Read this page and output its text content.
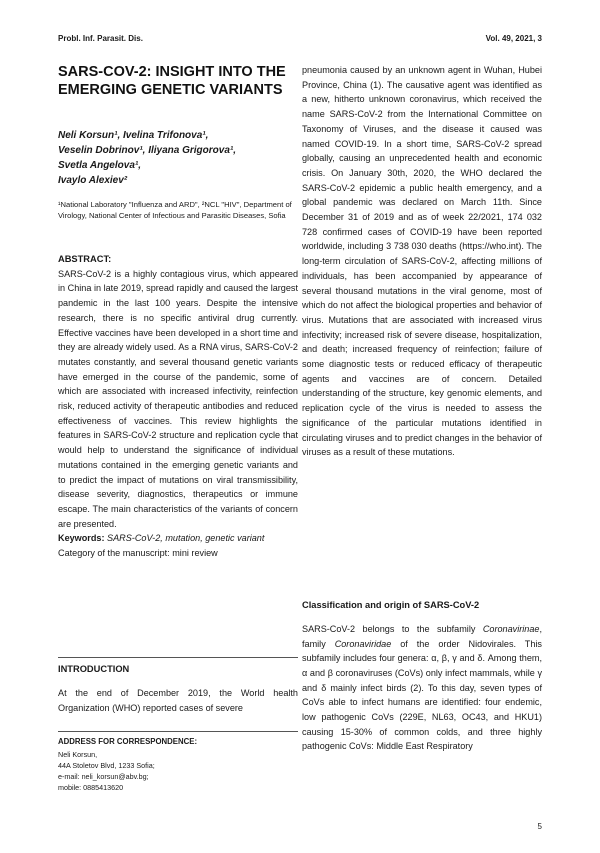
Probl. Inf. Parasit. Dis.	Vol. 49, 2021, 3
SARS-COV-2: INSIGHT INTO THE EMERGING GENETIC VARIANTS
Neli Korsun¹, Ivelina Trifonova¹,
Veselin Dobrinov¹, Iliyana Grigorova¹,
Svetla Angelova¹,
Ivaylo Alexiev²
¹National Laboratory "Influenza and ARD", ²NCL "HIV", Department of Virology, National Center of Infectious and Parasitic Diseases, Sofia

ABSTRACT:

SARS-CoV-2 is a highly contagious virus, which appeared in China in late 2019, spread rapidly and caused the largest pandemic in the last 100 years. Despite the intensive research, there is no specific antiviral drug currently. Effective vaccines have been developed in a short time and they are already widely used. As a RNA virus, SARS-CoV-2 mutates constantly, and several thousand genetic variants have emerged in the course of the pandemic, some of which are associated with increased infectivity, reinfection risk, reduced activity of therapeutic antibodies and reduced effectiveness of vaccines. This review highlights the features in SARS-CoV-2 structure and replication cycle that would help to understand the significance of individual mutations contained in the emerging genetic variants and to predict the impact of mutations on viral transmissibility, disease severity, diagnostics, therapeutics or immune escape. The main characteristics of the variants of concern are presented.

Keywords: SARS-CoV-2, mutation, genetic variant

Category of the manuscript: mini review

INTRODUCTION

At the end of December 2019, the World health Organization (WHO) reported cases of severe

ADDRESS FOR CORRESPONDENCE:
Neli Korsun,
44A Stoletov Blvd, 1233 Sofia;
e-mail: neli_korsun@abv.bg;
mobile: 0885413620

pneumonia caused by an unknown agent in Wuhan, Hubei Province, China (1). The causative agent was identified as a new, hitherto unknown coronavirus, which received the name SARS-CoV-2 from the International Committee on Taxonomy of Viruses, and the disease it caused was named COVID-19. In a short time, SARS-CoV-2 spread globally, causing an unprecedented health and economic crisis. On January 30th, 2020, the WHO declared the SARS-CoV-2 epidemic a public health emergency, and a global pandemic was declared on March 11th. Since December 31 of 2019 and as of week 22/2021, 174 032 728 confirmed cases of COVID-19 have been reported worldwide, including 3 738 030 deaths (https://who.int). The long-term circulation of SARS-CoV-2, affecting millions of individuals, has been accompanied by appearance of several thousand mutations in the viral genome, most of which do not affect the biological properties and behavior of virus. Mutations that are associated with increased virus infectivity; increased risk of severe disease, hospitalization, and death; increased frequency of reinfection; failure of some diagnostic tests or reduced efficacy of therapeutic agents and vaccines are of concern. Detailed understanding of the structure, key genomic elements, and replication cycle of the virus is needed to assess the significance of the particular mutations identified in circulating viruses and to predict changes in the behavior of viruses as a result of these mutations.

Classification and origin of SARS-CoV-2

SARS-CoV-2 belongs to the subfamily Coronavirinae, family Coronaviridae of the order Nidovirales. This subfamily includes four genera: α, β, γ and δ. Among them, α and β coronaviruses (CoVs) only infect mammals, while γ and δ mainly infect birds (2). To this day, seven types of CoVs able to infect humans are identified: four endemic, low pathogenic CoVs (229E, NL63, OC43, and HKU1) causing 15-30% of common colds, and three highly pathogenic CoVs: Middle East Respiratory

5
